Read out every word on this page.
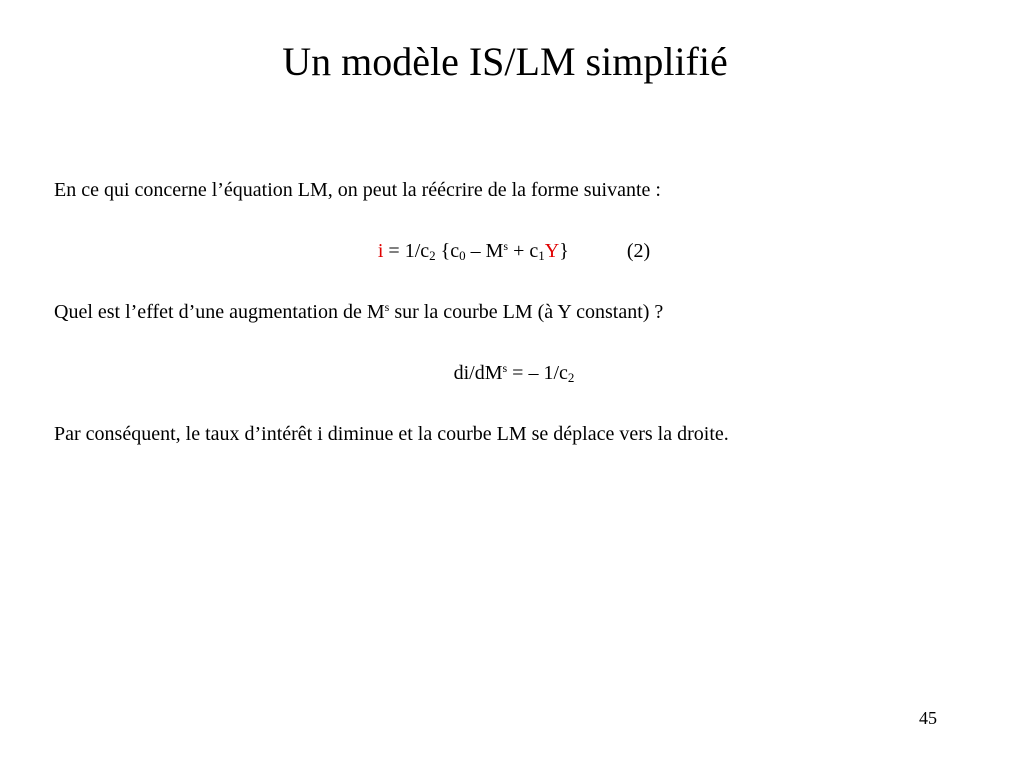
Un modèle IS/LM simplifié
En ce qui concerne l’équation LM, on peut la réécrire de la forme suivante :
$i = 1/c_2$ $\{c_0 - M^s + c_1Y\}$	(2)
Quel est l’effet d’une augmentation de $M^s$ sur la courbe LM (à Y constant) ?
$di/dM^s$ = – $1/c_2$
Par conséquent, le taux d’intérêt i diminue et la courbe LM se déplace vers la droite.
45
